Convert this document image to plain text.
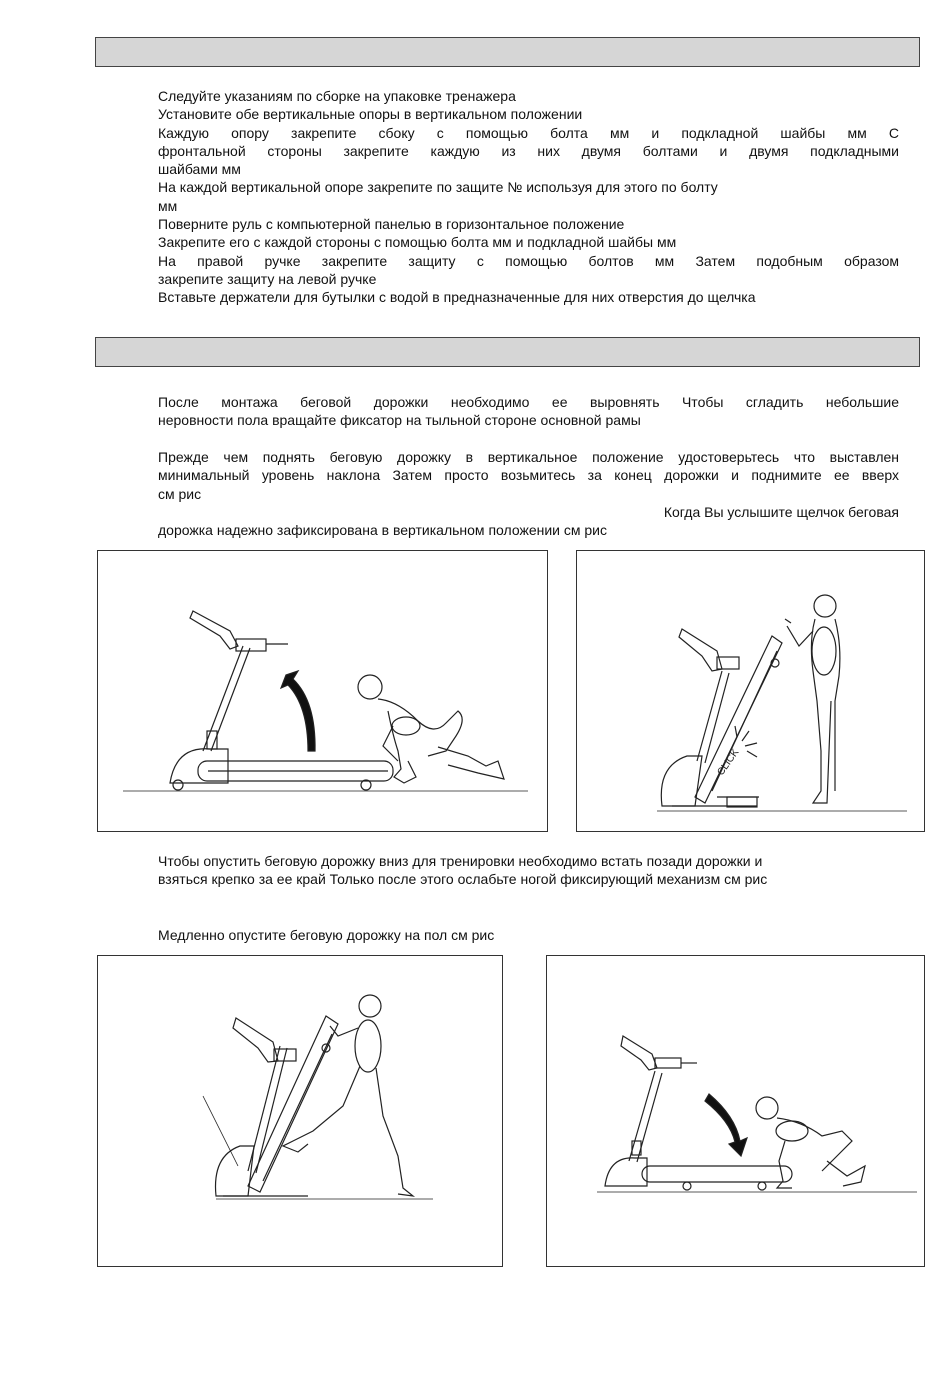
Следуйте указаниям по сборке на упаковке тренажера

Установите обе вертикальные опоры в вертикальном положении

Каждую опору закрепите сбоку с помощью болта мм и подкладной шайбы мм С

фронтальной стороны закрепите каждую из них двумя болтами и двумя подкладными

шайбами мм

На каждой вертикальной опоре закрепите по защите № используя для этого по болту

мм

Поверните руль с компьютерной панелью в горизонтальное положение

Закрепите его с каждой стороны с помощью болта мм и подкладной шайбы мм

На правой ручке закрепите защиту с помощью болтов мм Затем подобным образом

закрепите защиту на левой ручке

Вставьте держатели для бутылки с водой в предназначенные для них отверстия до щелчка

После монтажа беговой дорожки необходимо ее выровнять Чтобы сгладить небольшие

неровности пола вращайте фиксатор на тыльной стороне основной рамы

Прежде чем поднять беговую дорожку в вертикальное положение удостоверьтесь что выставлен

минимальный уровень наклона Затем просто возьмитесь за конец дорожки и поднимите ее вверх

см рис

Когда Вы услышите щелчок беговая

дорожка надежно зафиксирована в вертикальном положении см рис

CLICK

Чтобы опустить беговую дорожку вниз для тренировки необходимо встать позади дорожки и

взяться крепко за ее край Только после этого ослабьте ногой фиксирующий механизм см рис

Медленно опустите беговую дорожку на пол см рис
